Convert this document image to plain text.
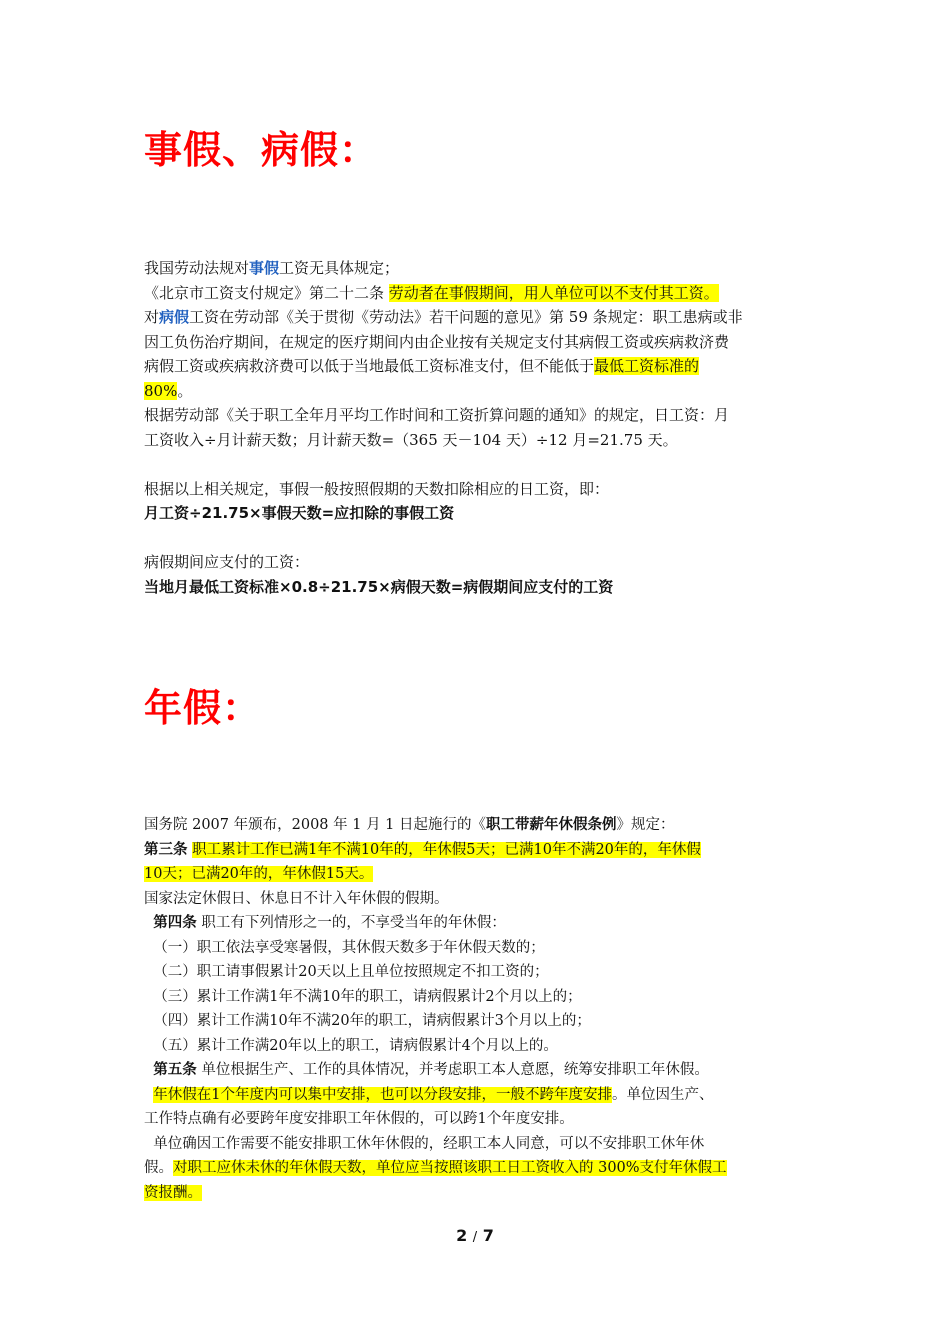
事假、病假：

我国劳动法规对事假工资无具体规定；

《北京市工资支付规定》第二十二条 劳动者在事假期间，用人单位可以不支付其工资。

对病假工资在劳动部《关于贯彻《劳动法》若干问题的意见》第 59 条规定：职工患病或非

因工负伤治疗期间，在规定的医疗期间内由企业按有关规定支付其病假工资或疾病救济费

病假工资或疾病救济费可以低于当地最低工资标准支付，但不能低于最低工资标准的

80%。

根据劳动部《关于职工全年月平均工作时间和工资折算问题的通知》的规定，日工资：月

工资收入÷月计薪天数；月计薪天数=（365 天－104 天）÷12 月=21.75 天。

根据以上相关规定，事假一般按照假期的天数扣除相应的日工资，即：

月工资÷21.75×事假天数=应扣除的事假工资

病假期间应支付的工资：

当地月最低工资标准×0.8÷21.75×病假天数=病假期间应支付的工资

年假：

国务院 2007 年颁布，2008 年 1 月 1 日起施行的《职工带薪年休假条例》规定：

第三条 职工累计工作已满1年不满10年的，年休假5天；已满10年不满20年的，年休假

10天；已满20年的，年休假15天。

国家法定休假日、休息日不计入年休假的假期。

第四条 职工有下列情形之一的，不享受当年的年休假：

（一）职工依法享受寒暑假，其休假天数多于年休假天数的；

（二）职工请事假累计20天以上且单位按照规定不扣工资的；

（三）累计工作满1年不满10年的职工，请病假累计2个月以上的；

（四）累计工作满10年不满20年的职工，请病假累计3个月以上的；

（五）累计工作满20年以上的职工，请病假累计4个月以上的。

第五条 单位根据生产、工作的具体情况，并考虑职工本人意愿，统筹安排职工年休假。

年休假在1个年度内可以集中安排，也可以分段安排，一般不跨年度安排。单位因生产、

工作特点确有必要跨年度安排职工年休假的，可以跨1个年度安排。

单位确因工作需要不能安排职工休年休假的，经职工本人同意，可以不安排职工休年休

假。对职工应休未休的年休假天数，单位应当按照该职工日工资收入的 300%支付年休假工

资报酬。

2 / 7
